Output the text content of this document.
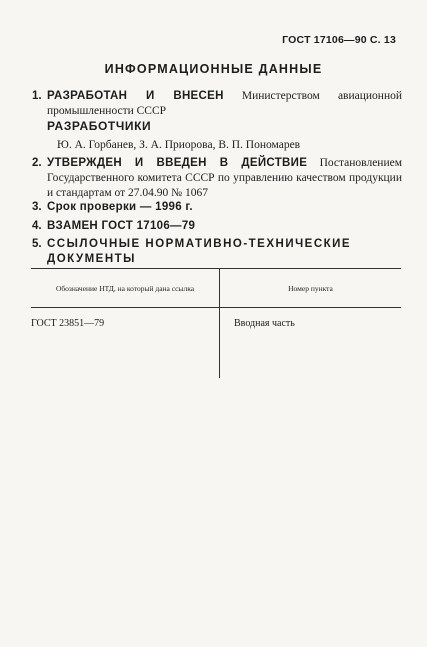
ГОСТ 17106—90 С. 13
ИНФОРМАЦИОННЫЕ ДАННЫЕ
1. РАЗРАБОТАН И ВНЕСЕН Министерством авиационной промышленности СССР
РАЗРАБОТЧИКИ
Ю. А. Горбанев, З. А. Приорова, В. П. Пономарев
2. УТВЕРЖДЕН И ВВЕДЕН В ДЕЙСТВИЕ Постановлением Государственного комитета СССР по управлению качеством продукции и стандартам от 27.04.90 № 1067
3. Срок проверки — 1996 г.
4. ВЗАМЕН ГОСТ 17106—79
5. ССЫЛОЧНЫЕ НОРМАТИВНО-ТЕХНИЧЕСКИЕ ДОКУМЕНТЫ
Обозначение НТД, на который дана ссылка	Номер пункта
ГОСТ 23851—79	Вводная часть
